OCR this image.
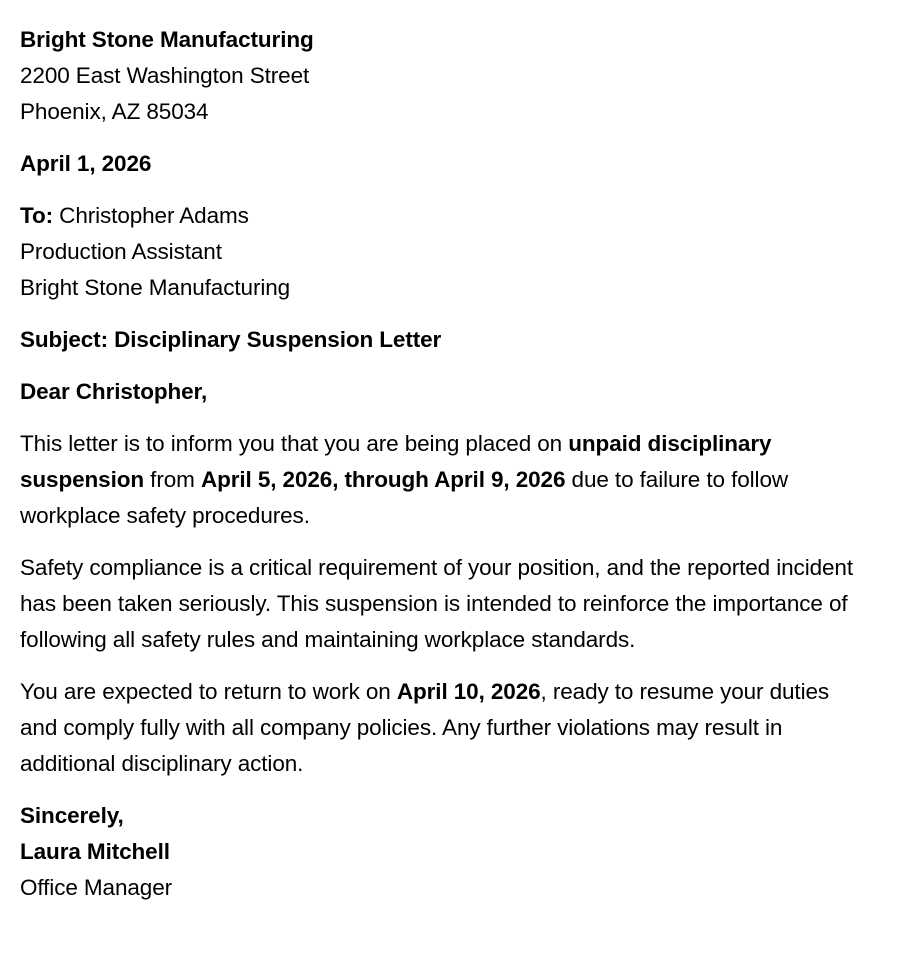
Bright Stone Manufacturing
2200 East Washington Street
Phoenix, AZ 85034
April 1, 2026
To: Christopher Adams
Production Assistant
Bright Stone Manufacturing
Subject: Disciplinary Suspension Letter
Dear Christopher,

This letter is to inform you that you are being placed on unpaid disciplinary suspension from April 5, 2026, through April 9, 2026 due to failure to follow workplace safety procedures.

Safety compliance is a critical requirement of your position, and the reported incident has been taken seriously. This suspension is intended to reinforce the importance of following all safety rules and maintaining workplace standards.

You are expected to return to work on April 10, 2026, ready to resume your duties and comply fully with all company policies. Any further violations may result in additional disciplinary action.

Sincerely,
Laura Mitchell
Office Manager
